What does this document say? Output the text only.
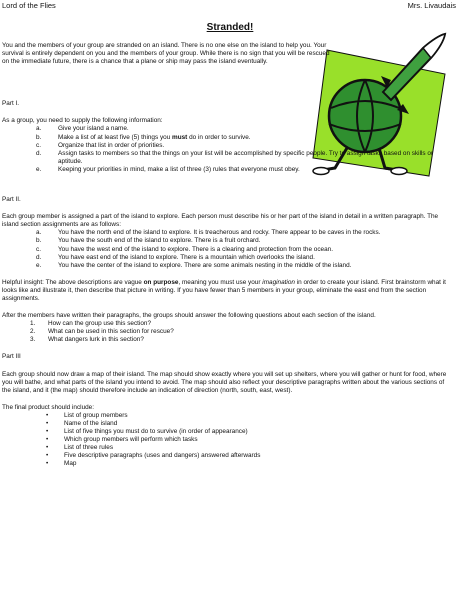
Lord of the Flies	Mrs. Livaudais
Stranded!

You and the members of your group are stranded on an island. There is no one else on the island to help you. Your survival is entirely dependent on you and the members of your group. While there is no sign that you will be rescued on the immediate future, there is a chance that a plane or ship may pass the island eventually.

Part I.

As a group, you need to supply the following information:

a.	Give your island a name.
b.	Make a list of at least five (5) things you must do in order to survive.
c.	Organize that list in order of priorities.
d.	Assign tasks to members so that the things on your list will be accomplished by specific people. Try to assign tasks based on skills or aptitude.
e.	Keeping your priorities in mind, make a list of three (3) rules that everyone must obey.

Part II.

Each group member is assigned a part of the island to explore. Each person must describe his or her part of the island in detail in a written paragraph. The island section assignments are as follows:

a.	You have the north end of the island to explore. It is treacherous and rocky. There appear to be caves in the rocks.
b.	You have the south end of the island to explore. There is a fruit orchard.
c.	You have the west end of the island to explore. There is a clearing and protection from the ocean.
d.	You have east end of the island to explore. There is a mountain which overlooks the island.
e.	You have the center of the island to explore. There are some animals nesting in the middle of the island.

Helpful insight: The above descriptions are vague on purpose, meaning you must use your imagination in order to create your island. First brainstorm what it looks like and illustrate it, then describe that picture in writing. If you have fewer than 5 members in your group, eliminate the east end from the section assignments.

After the members have written their paragraphs, the groups should answer the following questions about each section of the island.

1. How can the group use this section?
2. What can be used in this section for rescue?
3. What dangers lurk in this section?

Part III

Each group should now draw a map of their island. The map should show exactly where you will set up shelters, where you will gather or hunt for food, where you will bathe, and what parts of the island you intend to avoid. The map should also reflect your descriptive paragraphs written about the various sections of the island, and it (the map) should therefore include an indication of direction (north, south, east, west).

The final product should include:

• List of group members
• Name of the island
• List of five things you must do to survive (in order of appearance)
• Which group members will perform which tasks
• List of three rules
• Five descriptive paragraphs (uses and dangers) answered afterwards
• Map
